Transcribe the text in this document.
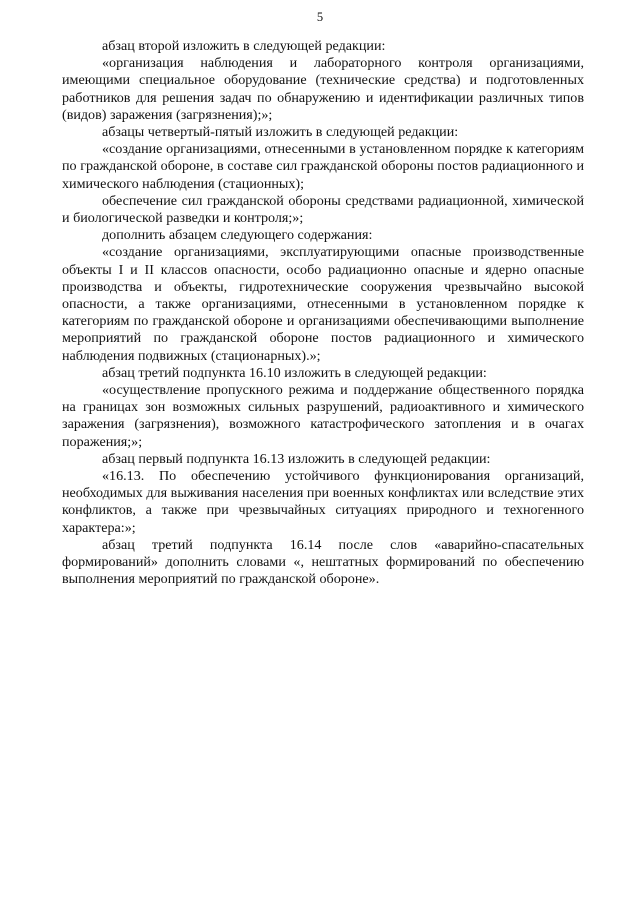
5

абзац второй изложить в следующей редакции:

«организация наблюдения и лабораторного контроля организациями, имеющими специальное оборудование (технические средства) и подготовленных работников для решения задач по обнаружению и идентификации различных типов (видов) заражения (загрязнения);»;

абзацы четвертый-пятый изложить в следующей редакции:

«создание организациями, отнесенными в установленном порядке к категориям по гражданской обороне, в составе сил гражданской обороны постов радиационного и химического наблюдения (стационных);

обеспечение сил гражданской обороны средствами радиационной, химической и биологической разведки и контроля;»;

дополнить абзацем следующего содержания:

«создание организациями, эксплуатирующими опасные производственные объекты I и II классов опасности, особо радиационно опасные и ядерно опасные производства и объекты, гидротехнические сооружения чрезвычайно высокой опасности, а также организациями, отнесенными в установленном порядке к категориям по гражданской обороне и организациями обеспечивающими выполнение мероприятий по гражданской обороне постов радиационного и химического наблюдения подвижных (стационарных).»;

абзац третий подпункта 16.10 изложить в следующей редакции:

«осуществление пропускного режима и поддержание общественного порядка на границах зон возможных сильных разрушений, радиоактивного и химического заражения (загрязнения), возможного катастрофического затопления и в очагах поражения;»;

абзац первый подпункта 16.13 изложить в следующей редакции:

«16.13. По обеспечению устойчивого функционирования организаций, необходимых для выживания населения при военных конфликтах или вследствие этих конфликтов, а также при чрезвычайных ситуациях природного и техногенного характера:»;

абзац третий подпункта 16.14 после слов «аварийно-спасательных формирований» дополнить словами «, нештатных формирований по обеспечению выполнения мероприятий по гражданской обороне».
